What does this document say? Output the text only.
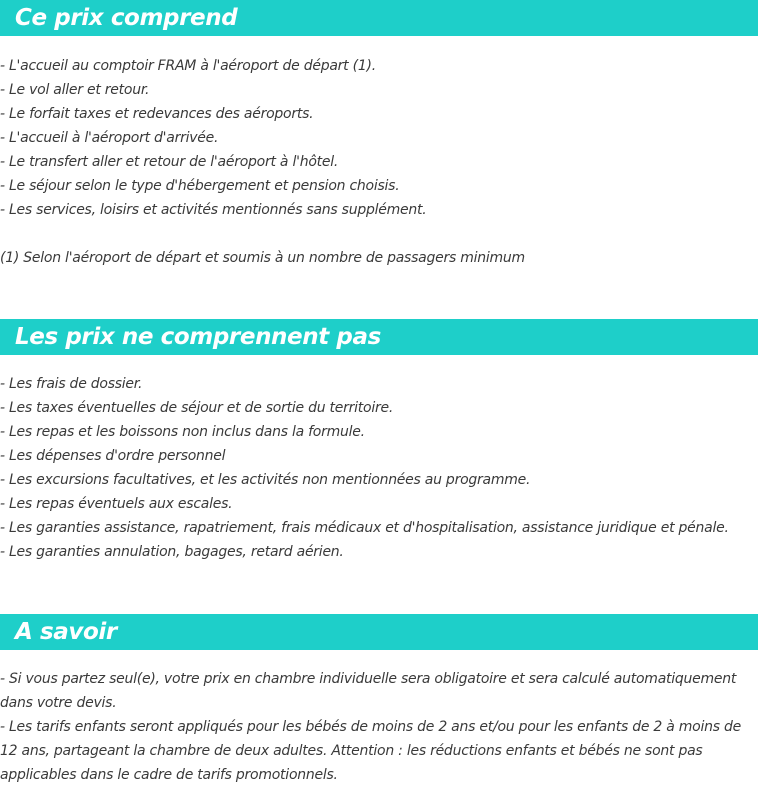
Ce prix comprend
- L'accueil au comptoir FRAM à l'aéroport de départ (1).
- Le vol aller et retour.
- Le forfait taxes et redevances des aéroports.
- L'accueil à l'aéroport d'arrivée.
- Le transfert aller et retour de l'aéroport à l'hôtel.
- Le séjour selon le type d'hébergement et pension choisis.
- Les services, loisirs et activités mentionnés sans supplément.
(1) Selon l'aéroport de départ et soumis à un nombre de passagers minimum
Les prix ne comprennent pas
- Les frais de dossier.
- Les taxes éventuelles de séjour et de sortie du territoire.
- Les repas et les boissons non inclus dans la formule.
- Les dépenses d'ordre personnel
- Les excursions facultatives, et les activités non mentionnées au programme.
- Les repas éventuels aux escales.
- Les garanties assistance, rapatriement, frais médicaux et d'hospitalisation, assistance juridique et pénale.
- Les garanties annulation, bagages, retard aérien.
A savoir
- Si vous partez seul(e), votre prix en chambre individuelle sera obligatoire et sera calculé automatiquement dans votre devis.
- Les tarifs enfants seront appliqués pour les bébés de moins de 2 ans et/ou pour les enfants de 2 à moins de 12 ans, partageant la chambre de deux adultes. Attention : les réductions enfants et bébés ne sont pas applicables dans le cadre de tarifs promotionnels.
